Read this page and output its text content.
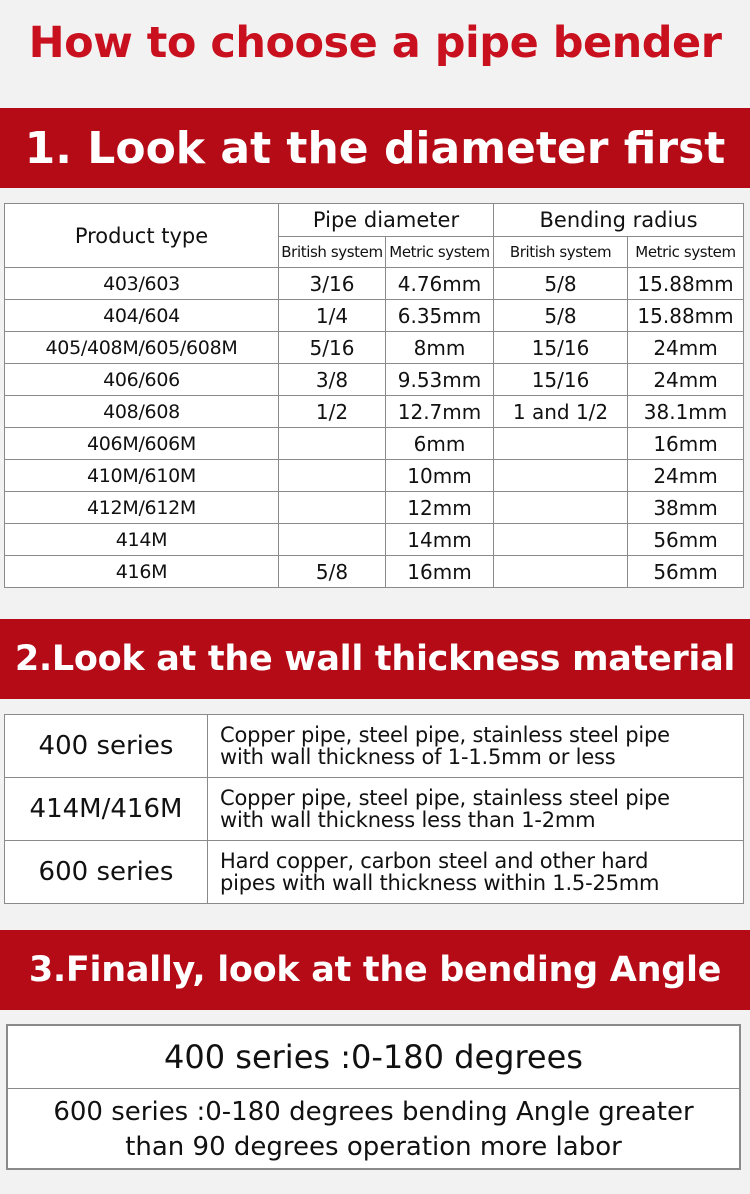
How to choose a pipe bender
1. Look at the diameter first
Product type	Pipe diameter		Bending radius	
	British system	Metric system	British system	Metric system
403/603	3/16	4.76mm	5/8	15.88mm
404/604	1/4	6.35mm	5/8	15.88mm
405/408M/605/608M	5/16	8mm	15/16	24mm
406/606	3/8	9.53mm	15/16	24mm
408/608	1/2	12.7mm	1 and 1/2	38.1mm
406M/606M		6mm		16mm
410M/610M		10mm		24mm
412M/612M		12mm		38mm
414M		14mm		56mm
416M	5/8	16mm		56mm
2.Look at the wall thickness material
400 series	Copper pipe, steel pipe, stainless steel pipe
with wall thickness of 1-1.5mm or less
414M/416M	Copper pipe, steel pipe, stainless steel pipe
with wall thickness less than 1-2mm
600 series	Hard copper, carbon steel and other hard
pipes with wall thickness within 1.5-25mm
3.Finally, look at the bending Angle
400 series :0-180 degrees
600 series :0-180 degrees bending Angle greater
than 90 degrees operation more labor
